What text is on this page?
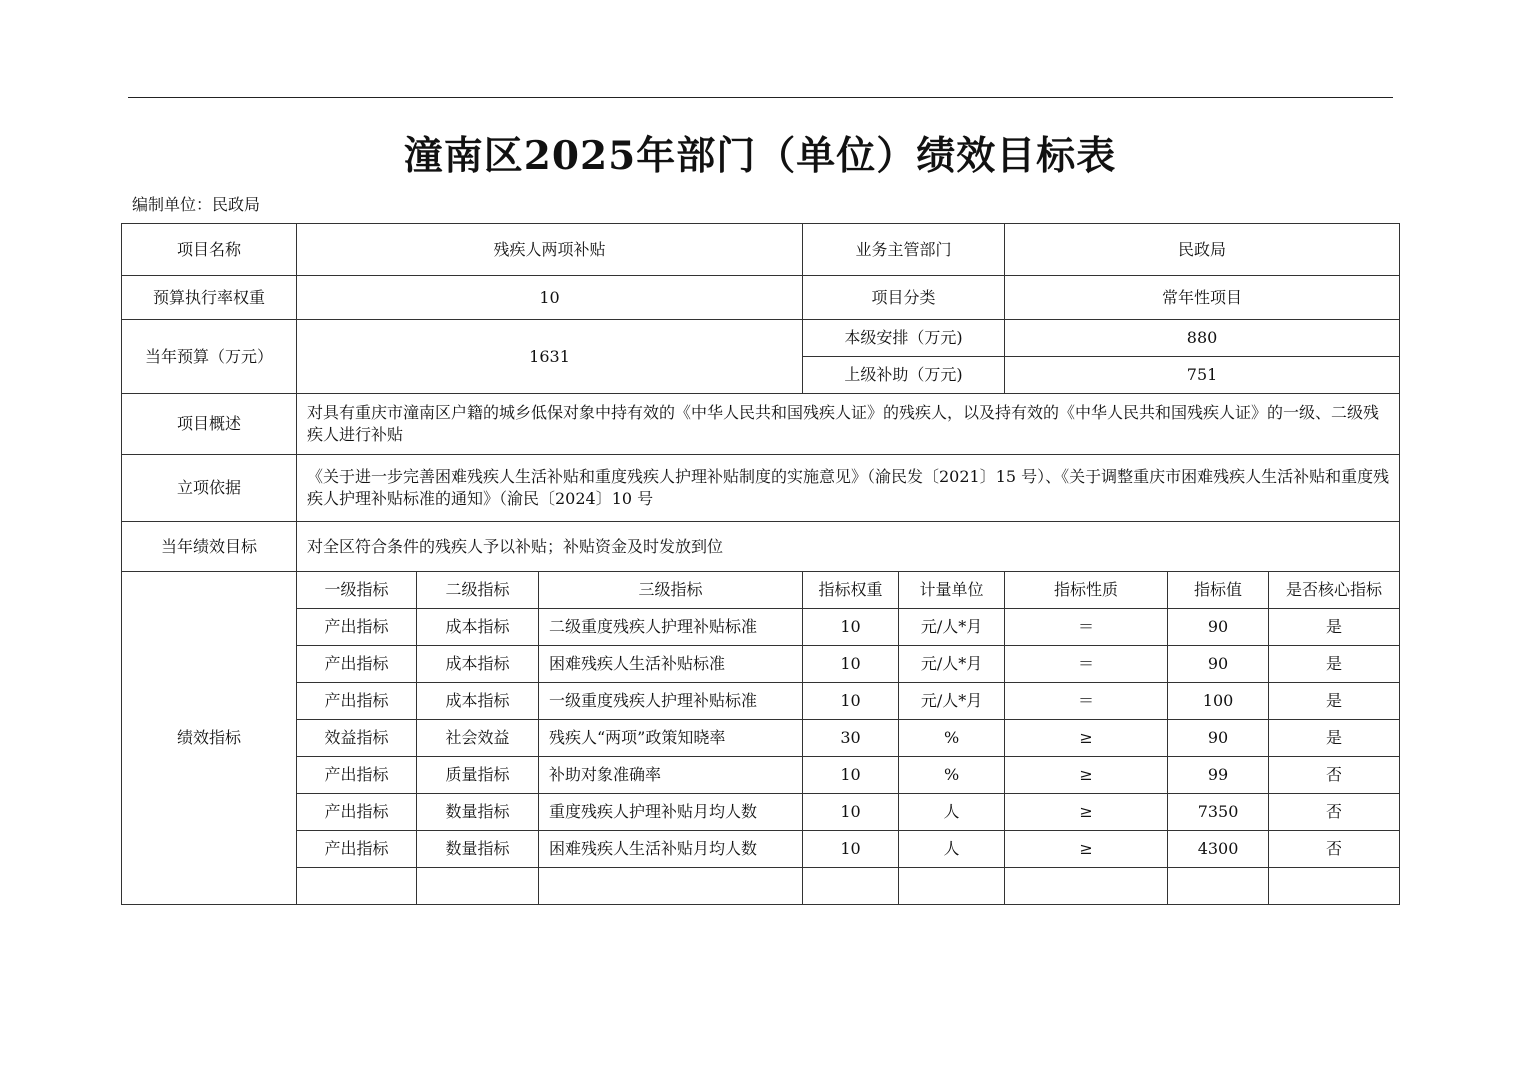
潼南区2025年部门（单位）绩效目标表
编制单位：民政局
项目名称	残疾人两项补贴			业务主管部门		民政局		
预算执行率权重	10			项目分类		常年性项目		
当年预算（万元）	1631			本级安排（万元)		880		
				上级补助（万元)		751		
项目概述	对具有重庆市潼南区户籍的城乡低保对象中持有效的《中华人民共和国残疾人证》的残疾人，以及持有效的《中华人民共和国残疾人证》的一级、二级残疾人进行补贴							
立项依据	《关于进一步完善困难残疾人生活补贴和重度残疾人护理补贴制度的实施意见》（渝民发〔2021〕15 号）、《关于调整重庆市困难残疾人生活补贴和重度残疾人护理补贴标准的通知》（渝民〔2024〕10 号							
当年绩效目标	对全区符合条件的残疾人予以补贴；补贴资金及时发放到位							
绩效指标	一级指标	二级指标	三级指标	指标权重	计量单位	指标性质	指标值	是否核心指标
	产出指标	成本指标	二级重度残疾人护理补贴标准	10	元/人*月	＝	90	是
	产出指标	成本指标	困难残疾人生活补贴标准	10	元/人*月	＝	90	是
	产出指标	成本指标	一级重度残疾人护理补贴标准	10	元/人*月	＝	100	是
	效益指标	社会效益	残疾人“两项”政策知晓率	30	%	≥	90	是
	产出指标	质量指标	补助对象准确率	10	%	≥	99	否
	产出指标	数量指标	重度残疾人护理补贴月均人数	10	人	≥	7350	否
	产出指标	数量指标	困难残疾人生活补贴月均人数	10	人	≥	4300	否
